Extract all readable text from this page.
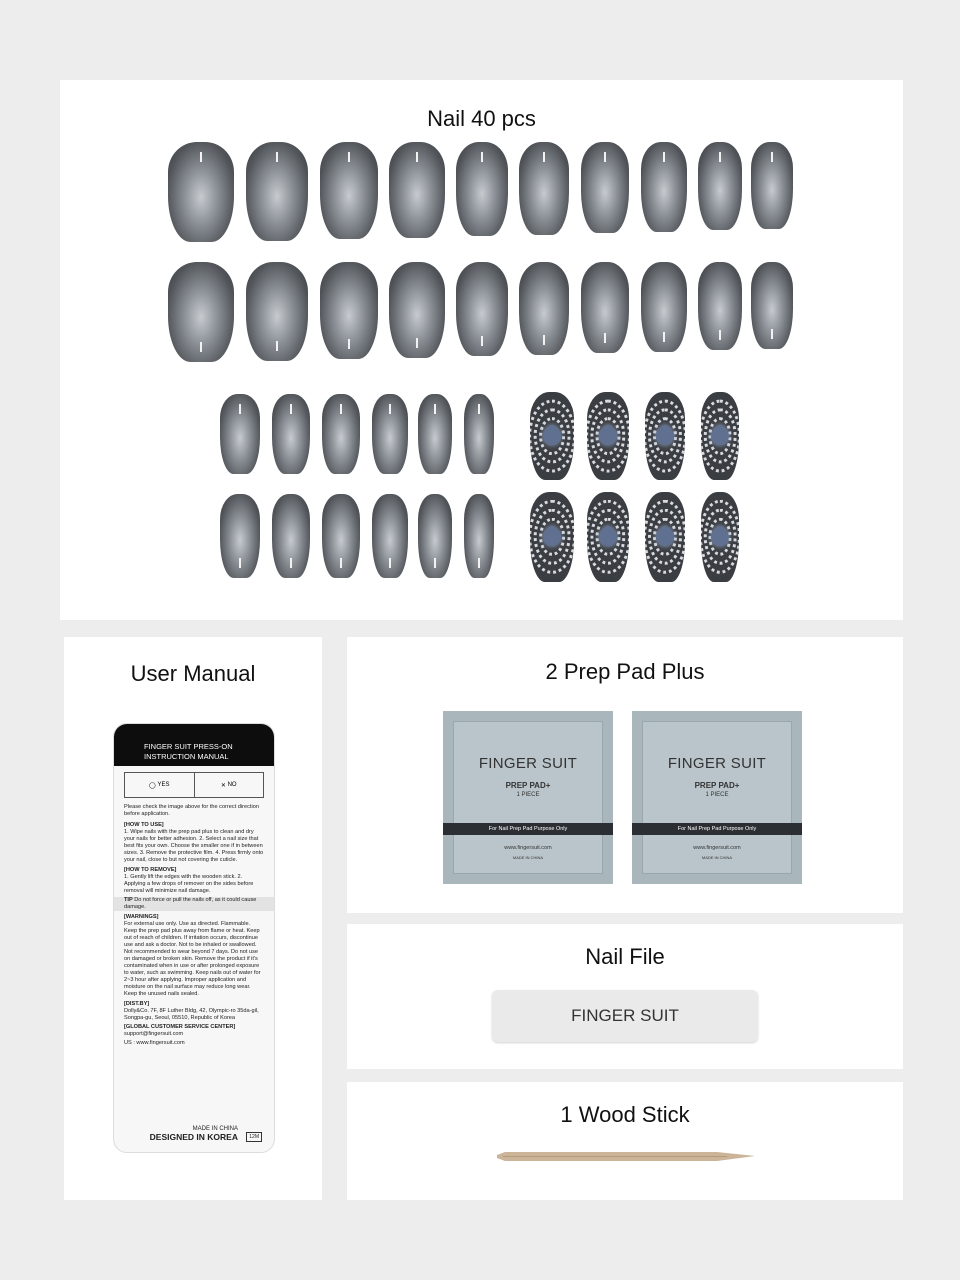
Nail 40 pcs
User Manual
FINGER SUIT PRESS-ON
INSTRUCTION MANUAL
◯
YES	✕
NO
Please check the image above for the correct direction before application.
[HOW TO USE]
1. Wipe nails with the prep pad plus to clean and dry your nails for better adhesion. 2. Select a nail size that best fits your own. Choose the smaller one if in between sizes. 3. Remove the protective film. 4. Press firmly onto your nail, close to but not covering the cuticle.
[HOW TO REMOVE]
1. Gently lift the edges with the wooden stick. 2. Applying a few drops of remover on the sides before removal will minimize nail damage.
TIP Do not force or pull the nails off, as it could cause damage.
[WARNINGS]
For external use only. Use as directed. Flammable. Keep the prep pad plus away from flame or heat. Keep out of reach of children. If irritation occurs, discontinue use and ask a doctor. Not to be inhaled or swallowed. Not recommended to wear beyond 7 days. Do not use on damaged or broken skin. Remove the product if it's contaminated when in use or after prolonged exposure to water, such as swimming. Keep nails out of water for 2~3 hour after applying. Improper application and moisture on the nail surface may reduce long wear. Keep the unused nails sealed.
[DIST.BY]
Dolly&Co. 7F, 8F Luther Bldg, 42, Olympic-ro 35da-gil, Songpa-gu, Seoul, 05510, Republic of Korea
[GLOBAL CUSTOMER SERVICE CENTER]
support@fingersuit.com
US : www.fingersuit.com
MADE IN CHINA
DESIGNED IN KOREA	12M
2 Prep Pad Plus
FINGER SUIT
PREP PAD+
1 PIECE
For Nail Prep Pad Purpose Only
www.fingersuit.com
MADE IN CHINA
FINGER SUIT
PREP PAD+
1 PIECE
For Nail Prep Pad Purpose Only
www.fingersuit.com
MADE IN CHINA
Nail File
FINGER SUIT
1 Wood Stick
